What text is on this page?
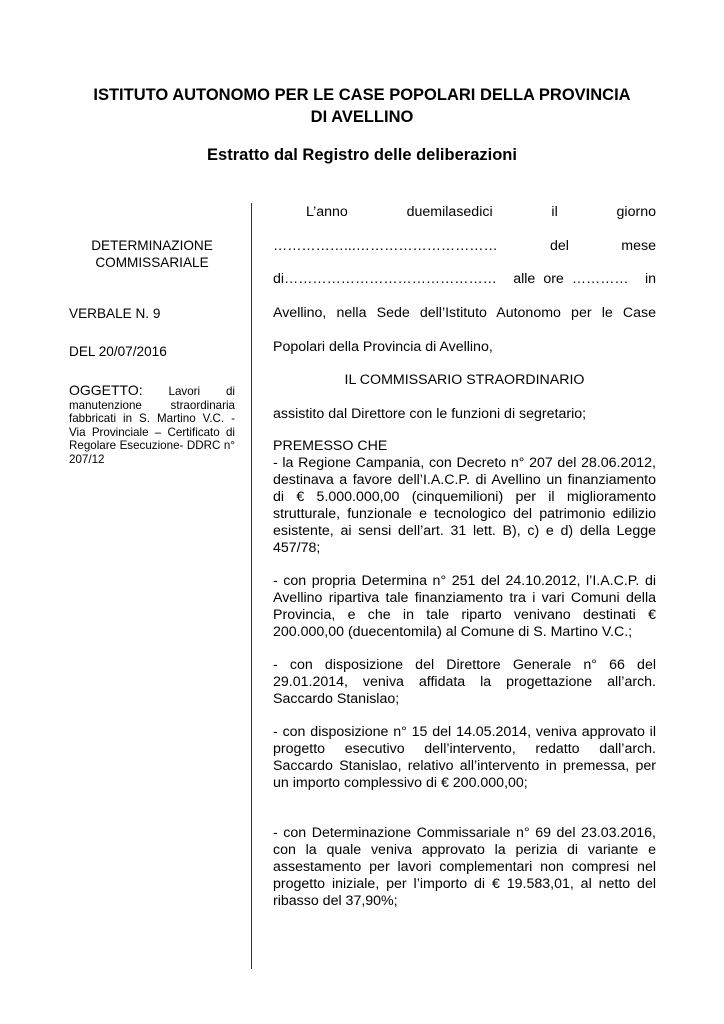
ISTITUTO AUTONOMO PER LE CASE POPOLARI DELLA PROVINCIA
DI AVELLINO
Estratto dal Registro delle deliberazioni
DETERMINAZIONE
COMMISSARIALE
VERBALE N. 9
DEL 20/07/2016
OGGETTO: Lavori di manutenzione straordinaria fabbricati in S. Martino V.C. - Via Provinciale – Certificato di Regolare Esecuzione- DDRC n° 207/12
L’anno	duemilasedici	il	giorno
……………...…………………………	del	mese
di……………………………………… alle ore ………… in
Avellino, nella Sede dell’Istituto Autonomo per le Case
Popolari della Provincia di Avellino,
IL COMMISSARIO STRAORDINARIO
assistito dal Direttore con le funzioni di segretario;

PREMESSO CHE

- la Regione Campania, con Decreto n° 207 del 28.06.2012, destinava a favore dell’I.A.C.P. di Avellino un finanziamento di € 5.000.000,00 (cinquemilioni) per il miglioramento strutturale, funzionale e tecnologico del patrimonio edilizio esistente, ai sensi dell’art. 31 lett. B), c) e d) della Legge 457/78;

- con propria Determina n° 251 del 24.10.2012, l’I.A.C.P. di Avellino ripartiva tale finanziamento tra i vari Comuni della Provincia, e che in tale riparto venivano destinati € 200.000,00 (duecentomila) al Comune di S. Martino V.C.;
- con disposizione del Direttore Generale n° 66 del 29.01.2014, veniva affidata la progettazione all’arch. Saccardo Stanislao;
- con disposizione n° 15 del 14.05.2014, veniva approvato il progetto esecutivo dell’intervento, redatto dall’arch. Saccardo Stanislao, relativo all’intervento in premessa, per un importo complessivo di € 200.000,00;
- con Determinazione Commissariale n° 69 del 23.03.2016, con la quale veniva approvato la perizia di variante e assestamento per lavori complementari non compresi nel progetto iniziale, per l’importo di € 19.583,01, al netto del ribasso del 37,90%;
